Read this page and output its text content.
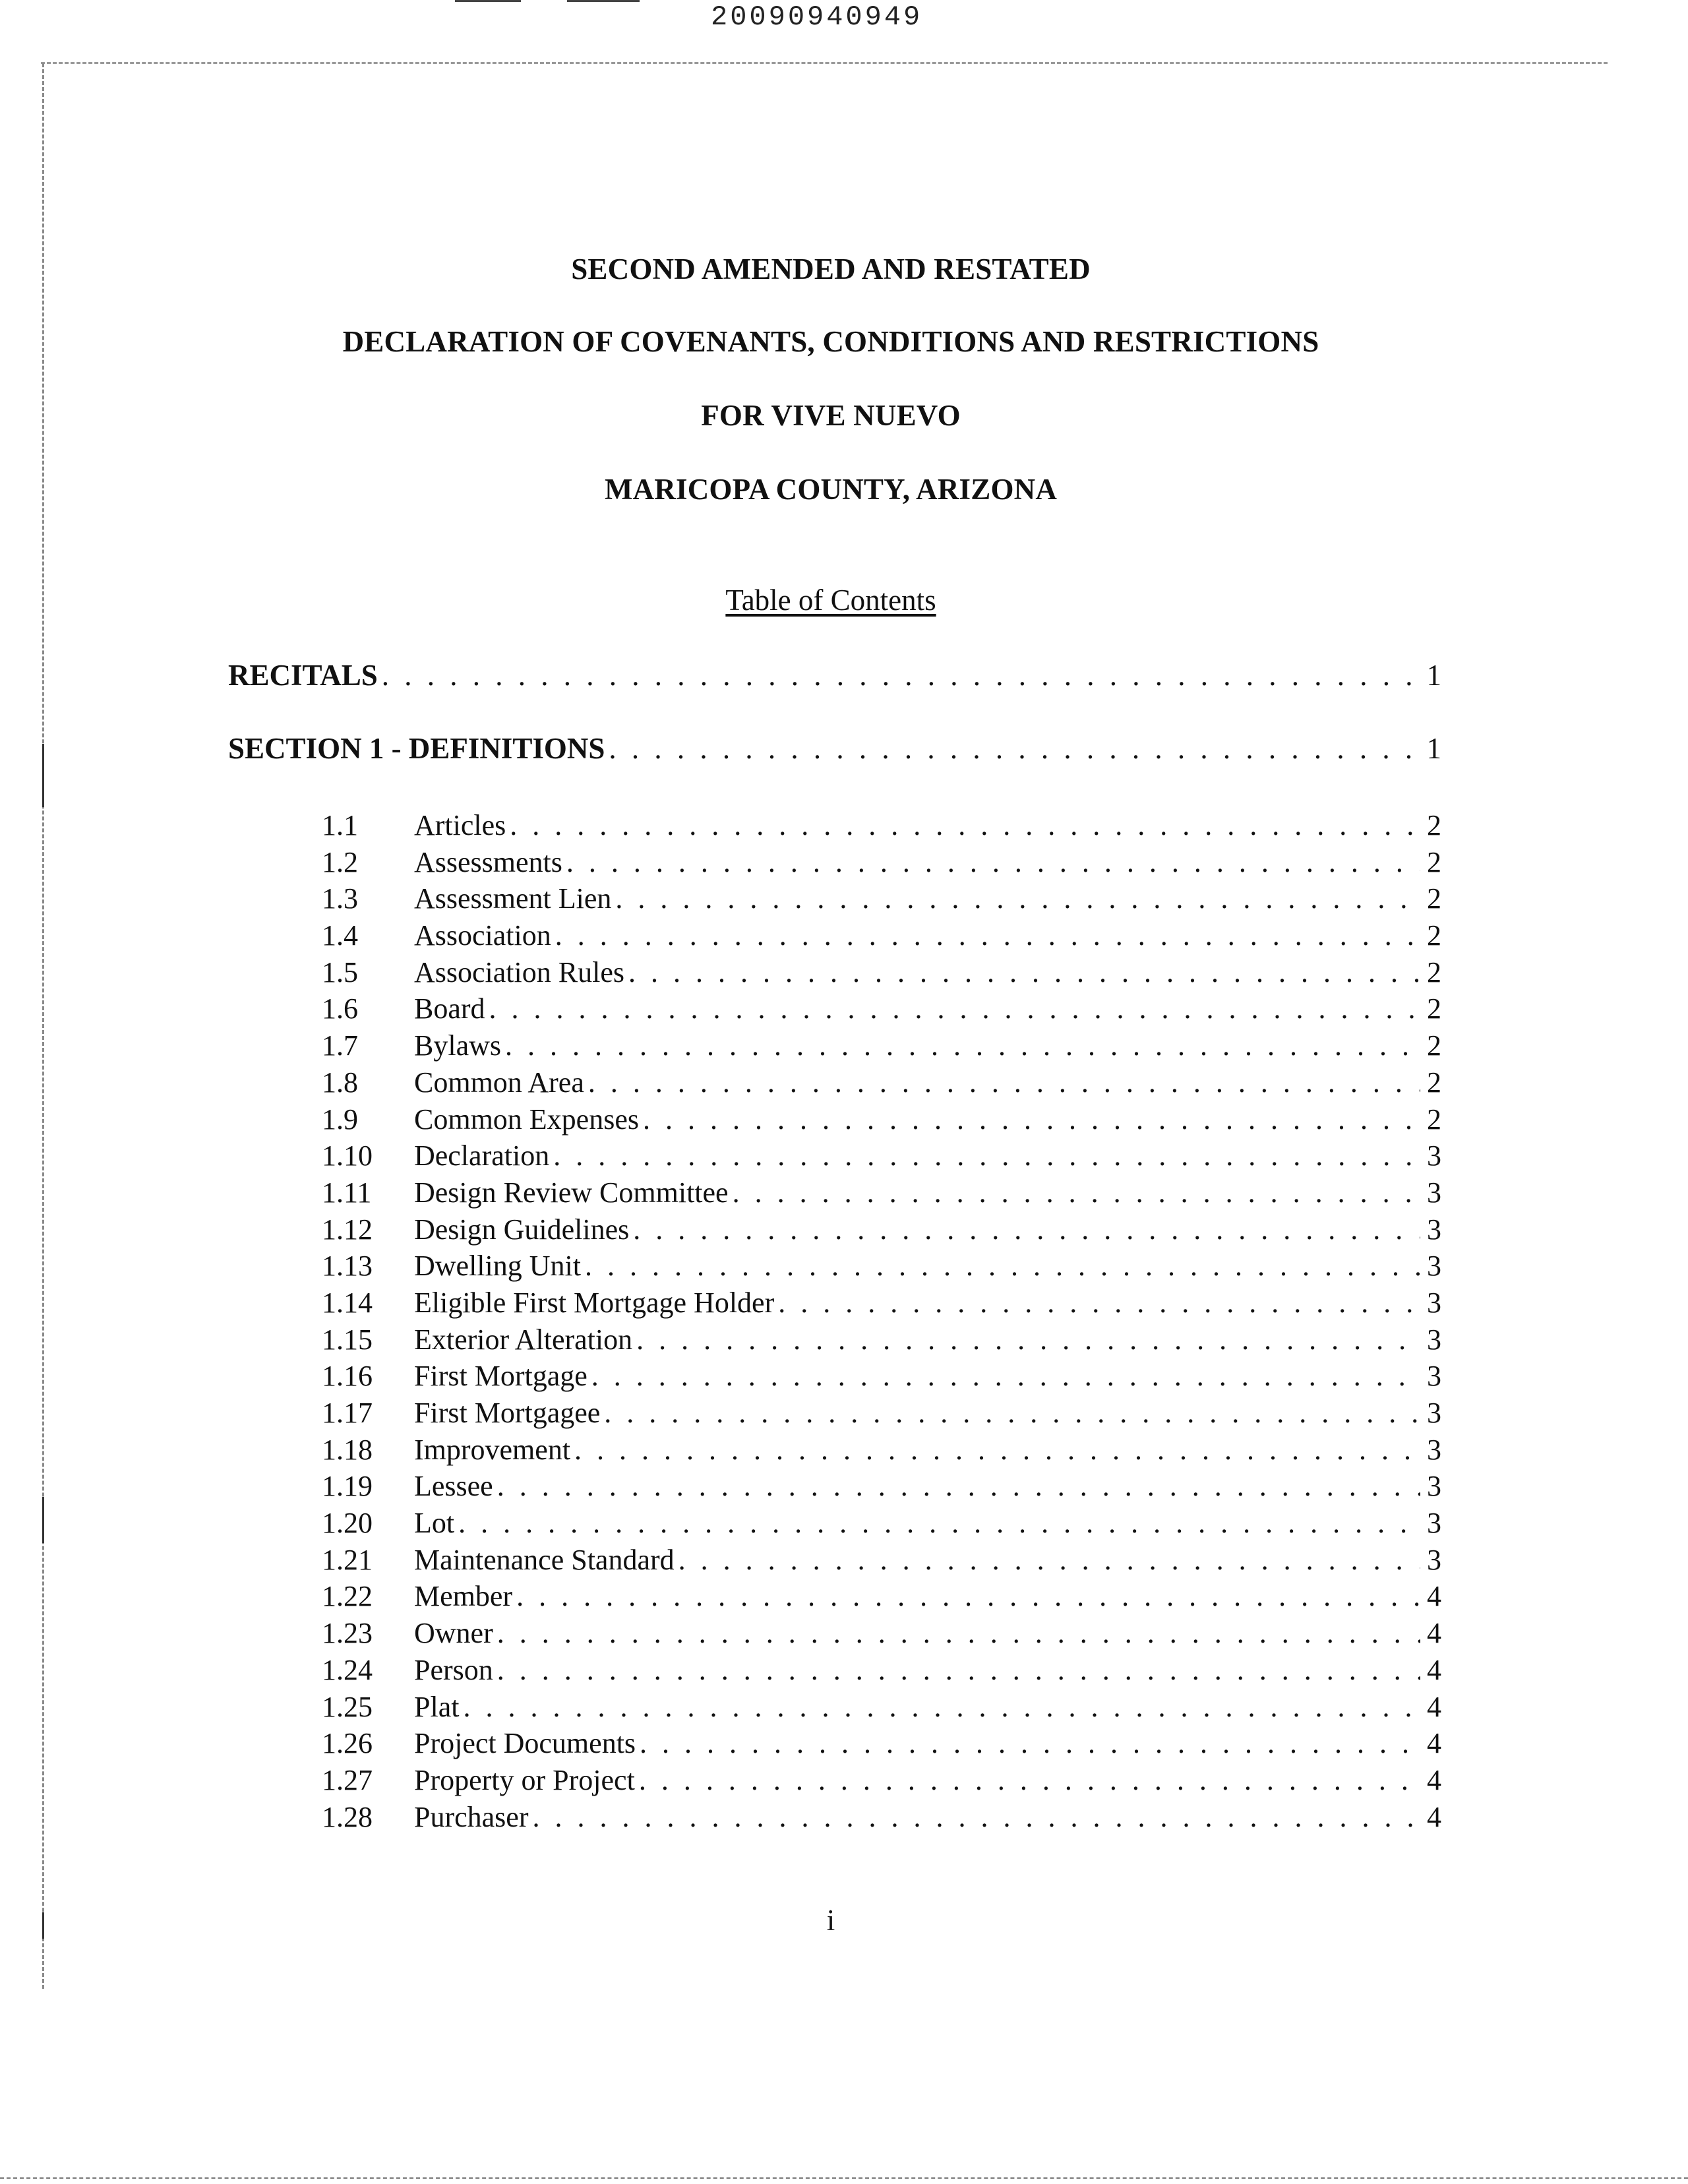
20090940949
SECOND AMENDED AND RESTATED
DECLARATION OF COVENANTS, CONDITIONS AND RESTRICTIONS
FOR VIVE NUEVO
MARICOPA COUNTY, ARIZONA
Table of Contents
RECITALS . . .	1
SECTION 1 - DEFINITIONS . . .	1
1.1	Articles . . .	2
1.2	Assessments . . .	2
1.3	Assessment Lien . . .	2
1.4	Association . . .	2
1.5	Association Rules . . .	2
1.6	Board . . .	2
1.7	Bylaws . . .	2
1.8	Common Area . . .	2
1.9	Common Expenses . . .	2
1.10	Declaration . . .	3
1.11	Design Review Committee . . .	3
1.12	Design Guidelines . . .	3
1.13	Dwelling Unit . . .	3
1.14	Eligible First Mortgage Holder . . .	3
1.15	Exterior Alteration . . .	3
1.16	First Mortgage . . .	3
1.17	First Mortgagee . . .	3
1.18	Improvement . . .	3
1.19	Lessee . . .	3
1.20	Lot . . .	3
1.21	Maintenance Standard . . .	3
1.22	Member . . .	4
1.23	Owner . . .	4
1.24	Person . . .	4
1.25	Plat . . .	4
1.26	Project Documents . . .	4
1.27	Property or Project . . .	4
1.28	Purchaser . . .	4
i
